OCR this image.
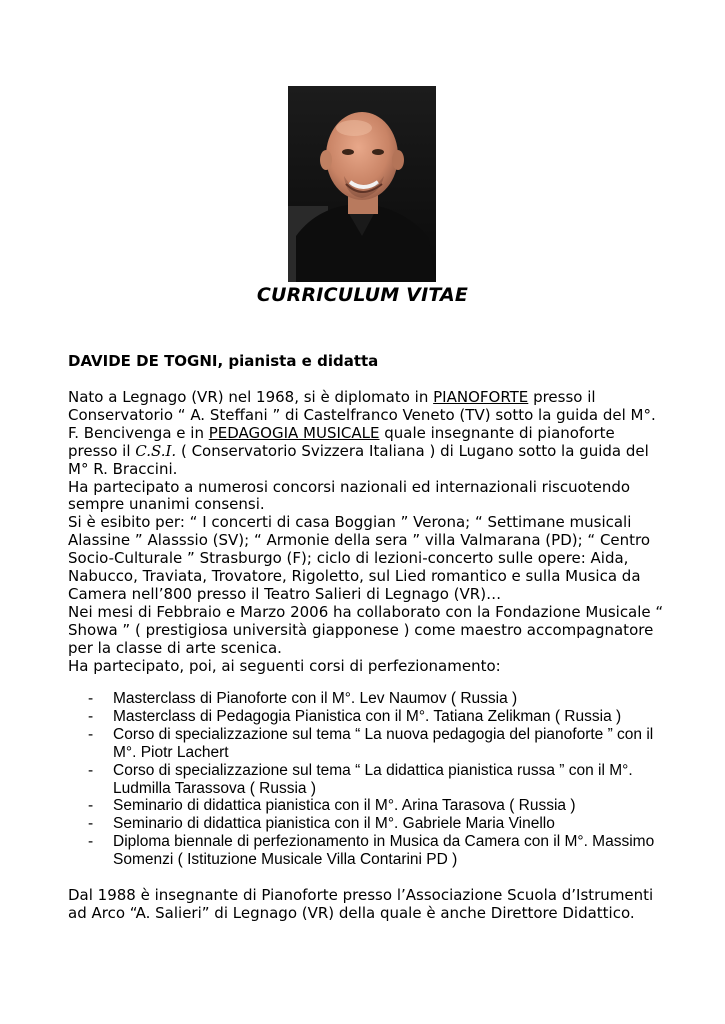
CURRICULUM VITAE
DAVIDE DE TOGNI, pianista e didatta

Nato a Legnago (VR) nel 1968, si è diplomato in PIANOFORTE presso il Conservatorio “ A. Steffani ” di Castelfranco Veneto (TV) sotto la guida del M°. F. Bencivenga e in PEDAGOGIA MUSICALE quale insegnante di pianoforte presso il C.S.I. ( Conservatorio Svizzera Italiana ) di Lugano sotto la guida del M° R. Braccini.

Ha partecipato a numerosi concorsi nazionali ed internazionali riscuotendo sempre unanimi consensi.

Si è esibito per: “ I concerti di casa Boggian ” Verona; “ Settimane musicali Alassine ” Alasssio (SV); “ Armonie della sera ” villa Valmarana (PD); “ Centro Socio-Culturale ” Strasburgo (F); ciclo di lezioni-concerto sulle opere: Aida, Nabucco, Traviata, Trovatore, Rigoletto, sul Lied romantico e sulla Musica da Camera nell’800 presso il Teatro Salieri di Legnago (VR)…

Nei mesi di Febbraio e Marzo 2006 ha collaborato con la Fondazione Musicale “ Showa ” ( prestigiosa università giapponese ) come maestro accompagnatore per la classe di arte scenica.

Ha partecipato, poi, ai seguenti corsi di perfezionamento:

- Masterclass di Pianoforte con il M°. Lev Naumov ( Russia )
- Masterclass di Pedagogia Pianistica con il M°. Tatiana Zelikman ( Russia )
- Corso di specializzazione sul tema “ La nuova pedagogia del pianoforte ” con il M°. Piotr Lachert
- Corso di specializzazione sul tema “ La didattica pianistica russa ” con il M°. Ludmilla Tarassova ( Russia )
- Seminario di didattica pianistica con il M°. Arina Tarasova ( Russia )
- Seminario di didattica pianistica con il M°. Gabriele Maria Vinello
- Diploma biennale di perfezionamento in Musica da Camera con il M°. Massimo Somenzi ( Istituzione Musicale Villa Contarini PD )
Dal 1988 è insegnante di Pianoforte presso l’Associazione Scuola d’Istrumenti ad Arco “A. Salieri” di Legnago (VR) della quale è anche Direttore Didattico.
